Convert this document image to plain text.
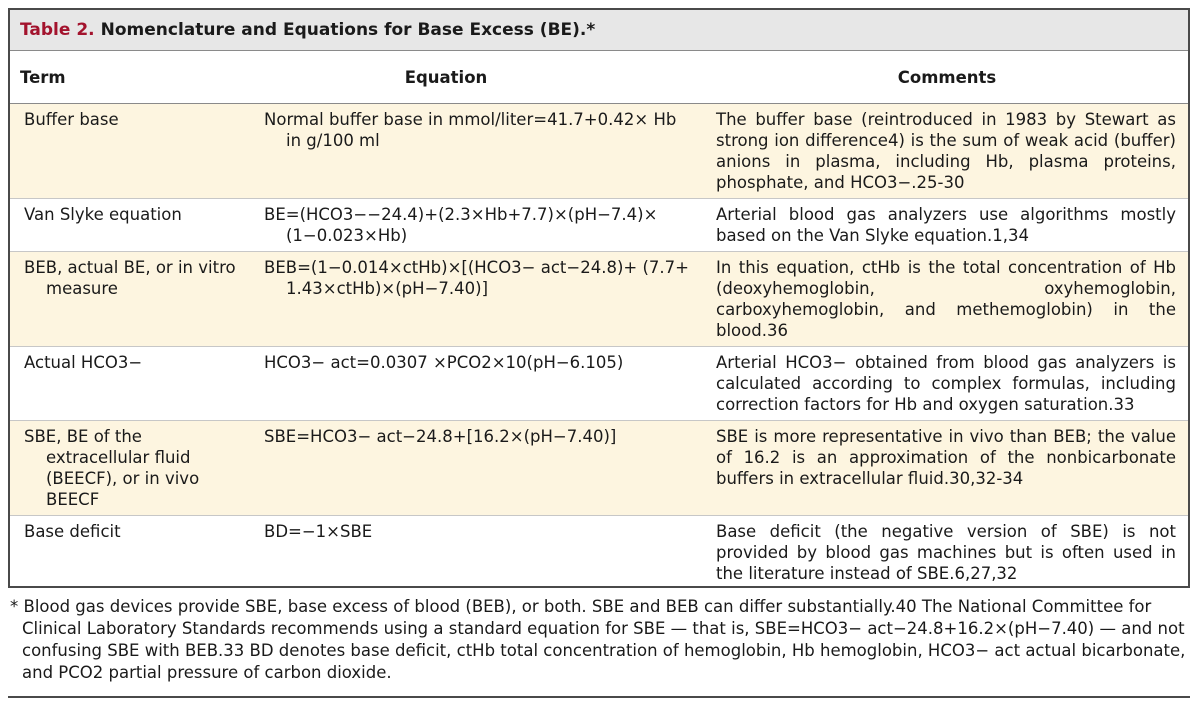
Table 2. Nomenclature and Equations for Base Excess (BE).*
Term	Equation	Comments

Buffer base	Normal buffer base in mmol/liter=41.7+0.42× Hb in g/100 ml	The buffer base (reintroduced in 1983 by Stewart as strong ion difference4) is the sum of weak acid (buffer) anions in plasma, including Hb, plasma proteins, phosphate, and HCO3−.25-30

Van Slyke equation	BE=(HCO3−−24.4)+(2.3×Hb+7.7)×(pH−7.4)× (1−0.023×Hb)	Arterial blood gas analyzers use algorithms mostly based on the Van Slyke equation.1,34

BEB, actual BE, or in vitro measure	BEB=(1−0.014×ctHb)×[(HCO3− act−24.8)+ (7.7+ 1.43×ctHb)×(pH−7.40)]	In this equation, ctHb is the total concentration of Hb (deoxyhemoglobin, oxyhemoglobin, carboxyhemoglobin, and methemoglobin) in the blood.36

Actual HCO3−	HCO3− act=0.0307 ×PCO2×10(pH−6.105)	Arterial HCO3− obtained from blood gas analyzers is calculated according to complex formulas, including correction factors for Hb and oxygen saturation.33

SBE, BE of the extracellular fluid (BEECF), or in vivo BEECF	SBE=HCO3− act−24.8+[16.2×(pH−7.40)]	SBE is more representative in vivo than BEB; the value of 16.2 is an approximation of the nonbicarbonate buffers in extracellular fluid.30,32-34

Base deficit	BD=−1×SBE	Base deficit (the negative version of SBE) is not provided by blood gas machines but is often used in the literature instead of SBE.6,27,32
* Blood gas devices provide SBE, base excess of blood (BEB), or both. SBE and BEB can differ substantially.40 The National Committee for Clinical Laboratory Standards recommends using a standard equation for SBE — that is, SBE=HCO3− act−24.8+16.2×(pH−7.40) — and not confusing SBE with BEB.33 BD denotes base deficit, ctHb total concentration of hemoglobin, Hb hemoglobin, HCO3− act actual bicarbonate, and PCO2 partial pressure of carbon dioxide.
